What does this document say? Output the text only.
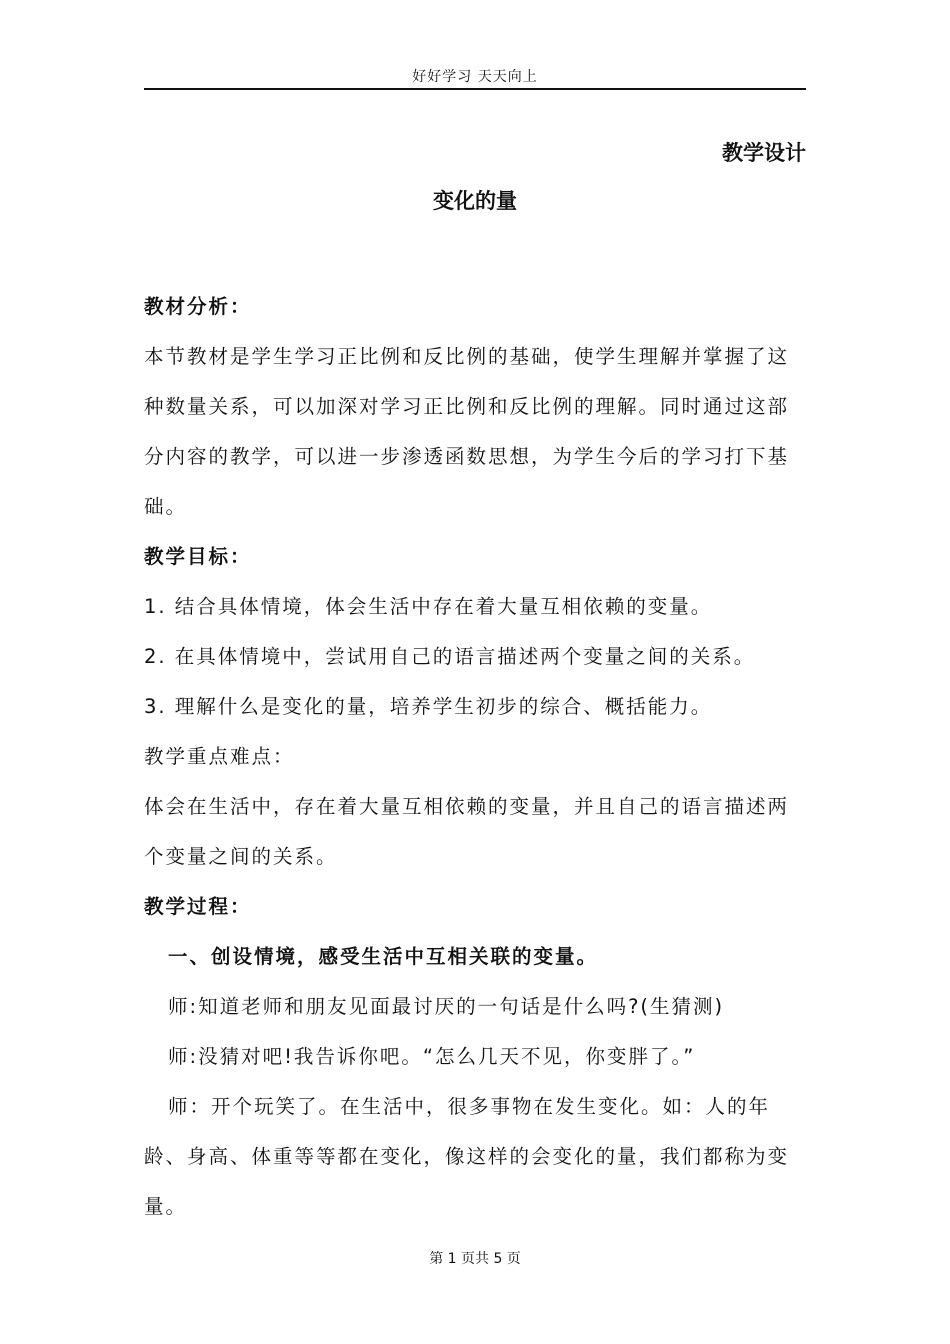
好好学习 天天向上
教学设计
变化的量

教材分析：

本节教材是学生学习正比例和反比例的基础，使学生理解并掌握了这种数量关系，可以加深对学习正比例和反比例的理解。同时通过这部分内容的教学，可以进一步渗透函数思想，为学生今后的学习打下基础。

教学目标：

1. 结合具体情境，体会生活中存在着大量互相依赖的变量。

2. 在具体情境中，尝试用自己的语言描述两个变量之间的关系。

3. 理解什么是变化的量，培养学生初步的综合、概括能力。

教学重点难点：

体会在生活中，存在着大量互相依赖的变量，并且自己的语言描述两个变量之间的关系。

教学过程：

一、创设情境，感受生活中互相关联的变量。

师:知道老师和朋友见面最讨厌的一句话是什么吗?(生猜测)

师:没猜对吧!我告诉你吧。“怎么几天不见，你变胖了。”

师：开个玩笑了。在生活中，很多事物在发生变化。如：人的年龄、身高、体重等等都在变化，像这样的会变化的量，我们都称为变量。

第 1 页共 5 页
